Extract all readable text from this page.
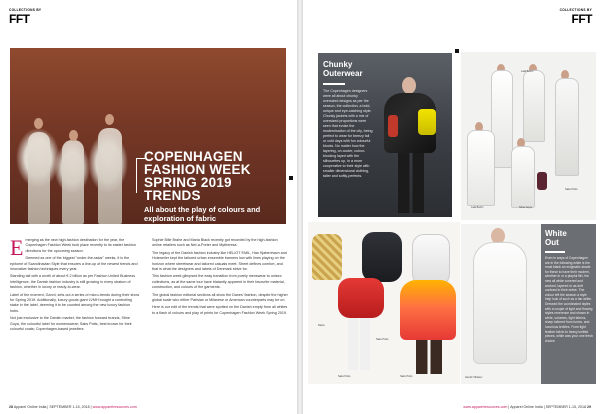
COLLECTIONS BY
FFT
COPENHAGEN
FASHION WEEK
SPRING 2019
TRENDS
All about the play of colours and exploration of fabric
E merging as the new high-fashion destination for the year, the Copenhagen Fashion Week took place recently to its easter fashion directions for the upcoming season.

Deemed as one of the biggest "under-the-radar" weeks, it is the epitome of Scandinavian Style that ensures a line-up of the newest trends and innovative fashion techniques every year.

Standing tall with a worth of about € 2 billion as per Fashion United Business Intelligence, the Danish fashion industry is still growing in every stratum of fashion, whether in luxury or ready-to-wear.

Label of the moment, Ganni, sets out a series of micro-trends during their show for Spring 2019. Additionally, luxury goods giant LVMH bought a controlling stake in the label, deeming it to be counted among the new luxury fashion hubs.

Not just exclusive to the Danish market, the fashion forward brands, Stine Goya, the colourful label for womenswear; Saks Potts, best known for their colourful coats; Copenhagen-based jewellers

Sophie Bille Brahe and Maria Black recently got recorded by the high-fashion online retailers such as Net-a-Porter and Mytheresa.

The legacy of the Danish fashion industry like HELIOT EMIL, Han Kjøbenhavn and Holzweiler kept the tailored urban ensemble banners low with lines playing on the horizon where streetwear and tailored casuals meet. Street defines comfort, and that is what the designers and labels of Denmark strive for.

This fashion week glimpsed the easy transition from purely menswear to unisex collections, as at the same tour have blatantly apparent in their favourite material, construction, and colours of the garments.

The global fashion editorial sections all show the Danes' fashion, despite the higher global scale who either Parisian or Milanese or American counterparts may be on.

Here is our edit of the trends that were spotted on the Danish empty from all whites to a flash of colours and play of prints for Copenhagen Fashion Week Spring 2019.

28 Apparel Online India | SEPTEMBER 1-15, 2018 | www.apparelresources.com
COLLECTIONS BY
FFT
Chunky
Outerwear
The Copenhagen designers were all about chunky oversized designs as per the season, the collection, a bold, unique and eye-catching style. Chunky jackets with a mix of oversized proportions were seen that evoke the modernisation of the city, being perfect to wear for breezy fall or cold days with fun colourful blocks. No matter how the layering, on cooler, colour-blocking layed with the silhouettes up, in a more cooperative to their style with smaller dimensional clothing, taller and softly-perfects.
Lala Berlin
Lala Berlin	Stine Goya
Saks Potts
Rains
Saks Potts
Saks Potts	Saks Potts	Henrik Vibskov
White
Out
Even in ways of Copenhagen are in the following white is the most blank an enigmatic shade for these to have their modern, whether in or a playful flirt, the new all white covered and worked, layered or as deft contrast to their entire. The colour left the season a style help look of such as a fan white. Dressed the coordinated styles with a couple of light and flowing styles reverence and shown in white, volumes, light fabrics, sharp tailored from tunics, and luxurious textiles. From light feather fabric to heavy knitted pieces, white was your one fresh choice.
www.apparelresources.com | Apparel Online India | SEPTEMBER 1-15, 2018 29
